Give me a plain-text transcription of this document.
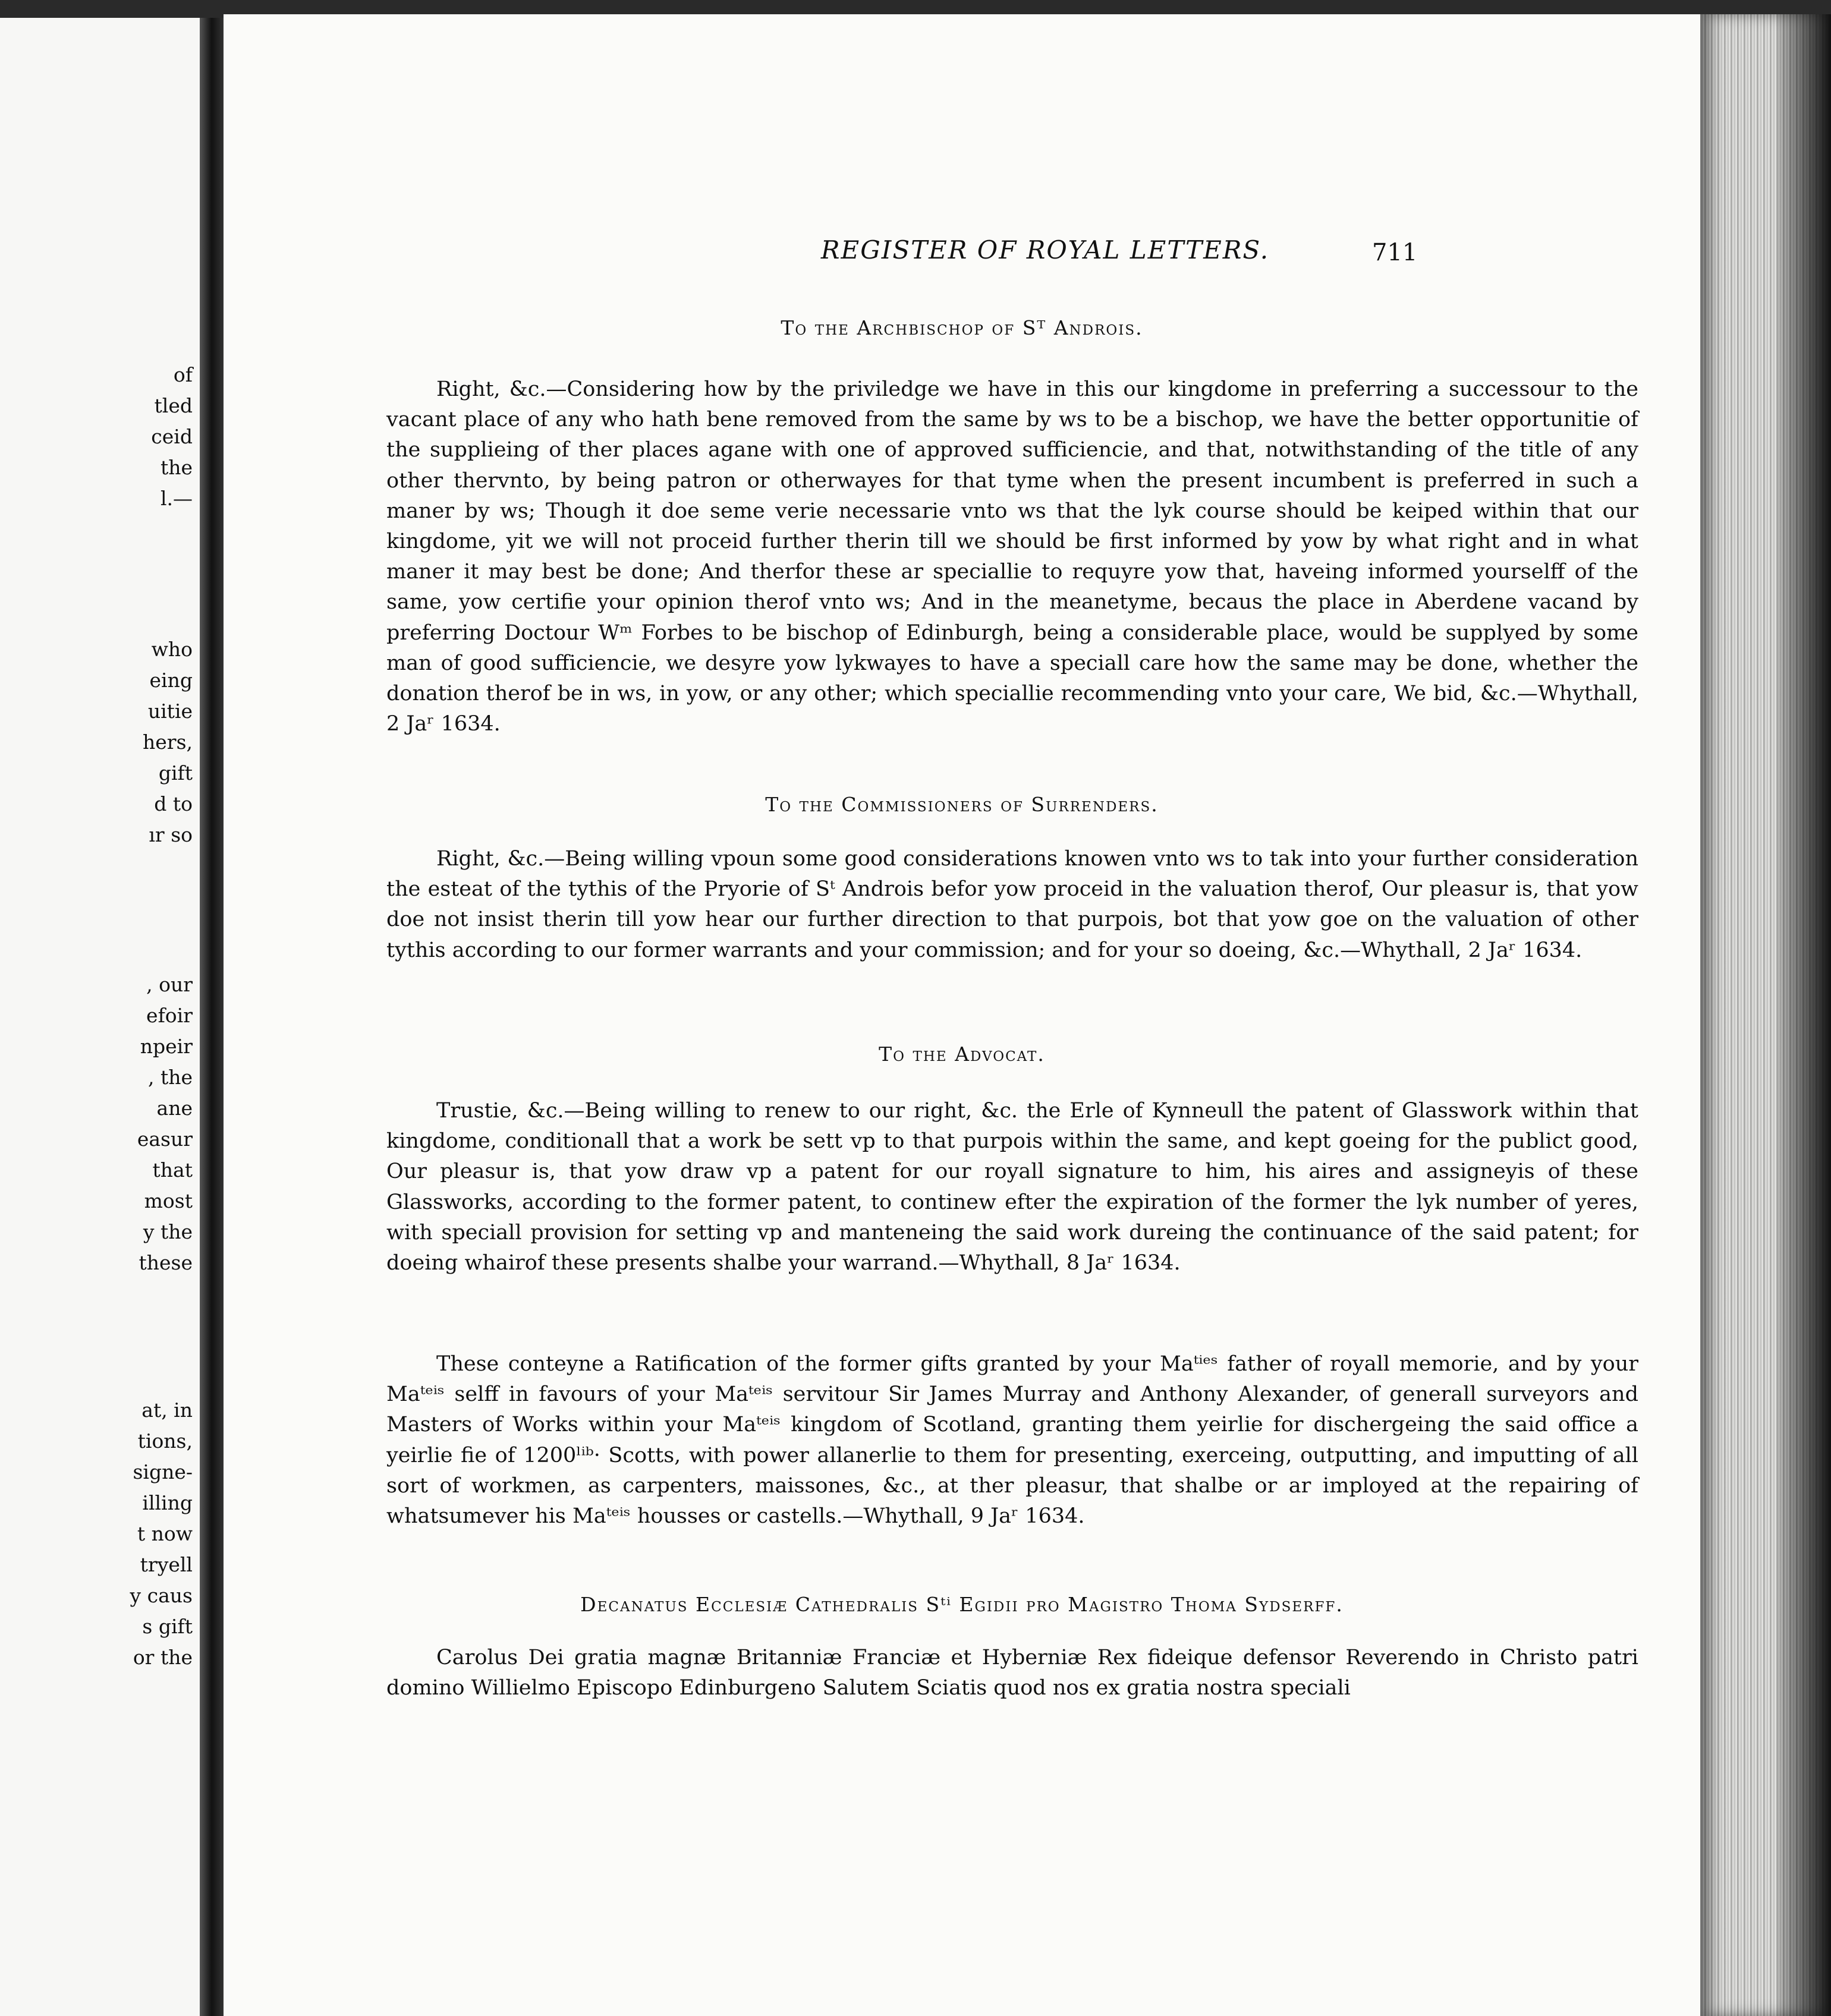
of
tled
ceid
the
l.—
who
eing
uitie
hers,
gift
d to
ır so
, our
efoir
npeir
, the
ane
easur
that
most
y the
these
at, in
tions,
signe-
illing
t now
tryell
y caus
s gift
or the
REGISTER OF ROYAL LETTERS.	711
To the Archbischop of Sᵀ Androis.

Right, &c.—Considering how by the priviledge we have in this our kingdome in preferring a successour to the vacant place of any who hath bene removed from the same by ws to be a bischop, we have the better opportunitie of the supplieing of ther places agane with one of approved sufficiencie, and that, notwithstanding of the title of any other thervnto, by being patron or otherwayes for that tyme when the present incumbent is preferred in such a maner by ws; Though it doe seme verie necessarie vnto ws that the lyk course should be keiped within that our kingdome, yit we will not proceid further therin till we should be first informed by yow by what right and in what maner it may best be done; And therfor these ar speciallie to requyre yow that, haveing informed yourselff of the same, yow certifie your opinion therof vnto ws; And in the meanetyme, becaus the place in Aberdene vacand by preferring Doctour Wᵐ Forbes to be bischop of Edinburgh, being a considerable place, would be supplyed by some man of good sufficiencie, we desyre yow lykwayes to have a speciall care how the same may be done, whether the donation therof be in ws, in yow, or any other; which speciallie recommending vnto your care, We bid, &c.—Whythall, 2 Jaʳ 1634.

To the Commissioners of Surrenders.

Right, &c.—Being willing vpoun some good considerations knowen vnto ws to tak into your further consideration the esteat of the tythis of the Pryorie of Sᵗ Androis befor yow proceid in the valuation therof, Our pleasur is, that yow doe not insist therin till yow hear our further direction to that purpois, bot that yow goe on the valuation of other tythis according to our former warrants and your commission; and for your so doeing, &c.—Whythall, 2 Jaʳ 1634.

To the Advocat.

Trustie, &c.—Being willing to renew to our right, &c. the Erle of Kynneull the patent of Glasswork within that kingdome, conditionall that a work be sett vp to that purpois within the same, and kept goeing for the publict good, Our pleasur is, that yow draw vp a patent for our royall signature to him, his aires and assigneyis of these Glassworks, according to the former patent, to continew efter the expiration of the former the lyk number of yeres, with speciall provision for setting vp and manteneing the said work dureing the continuance of the said patent; for doeing whairof these presents shalbe your warrand.—Whythall, 8 Jaʳ 1634.

These conteyne a Ratification of the former gifts granted by your Maᵗⁱᵉˢ father of royall memorie, and by your Maᵗᵉⁱˢ selff in favours of your Maᵗᵉⁱˢ servitour Sir James Murray and Anthony Alexander, of generall surveyors and Masters of Works within your Maᵗᵉⁱˢ kingdom of Scotland, granting them yeirlie for dischergeing the said office a yeirlie fie of 1200ˡⁱᵇ· Scotts, with power allanerlie to them for presenting, exerceing, outputting, and imputting of all sort of workmen, as carpenters, maissones, &c., at ther pleasur, that shalbe or ar imployed at the repairing of whatsumever his Maᵗᵉⁱˢ housses or castells.—Whythall, 9 Jaʳ 1634.

Decanatus Ecclesiæ Cathedralis Sᵗⁱ Egidii pro Magistro Thoma Sydserff.

Carolus Dei gratia magnæ Britanniæ Franciæ et Hyberniæ Rex fideique defensor Reverendo in Christo patri domino Willielmo Episcopo Edinburgeno Salutem Sciatis quod nos ex gratia nostra speciali
